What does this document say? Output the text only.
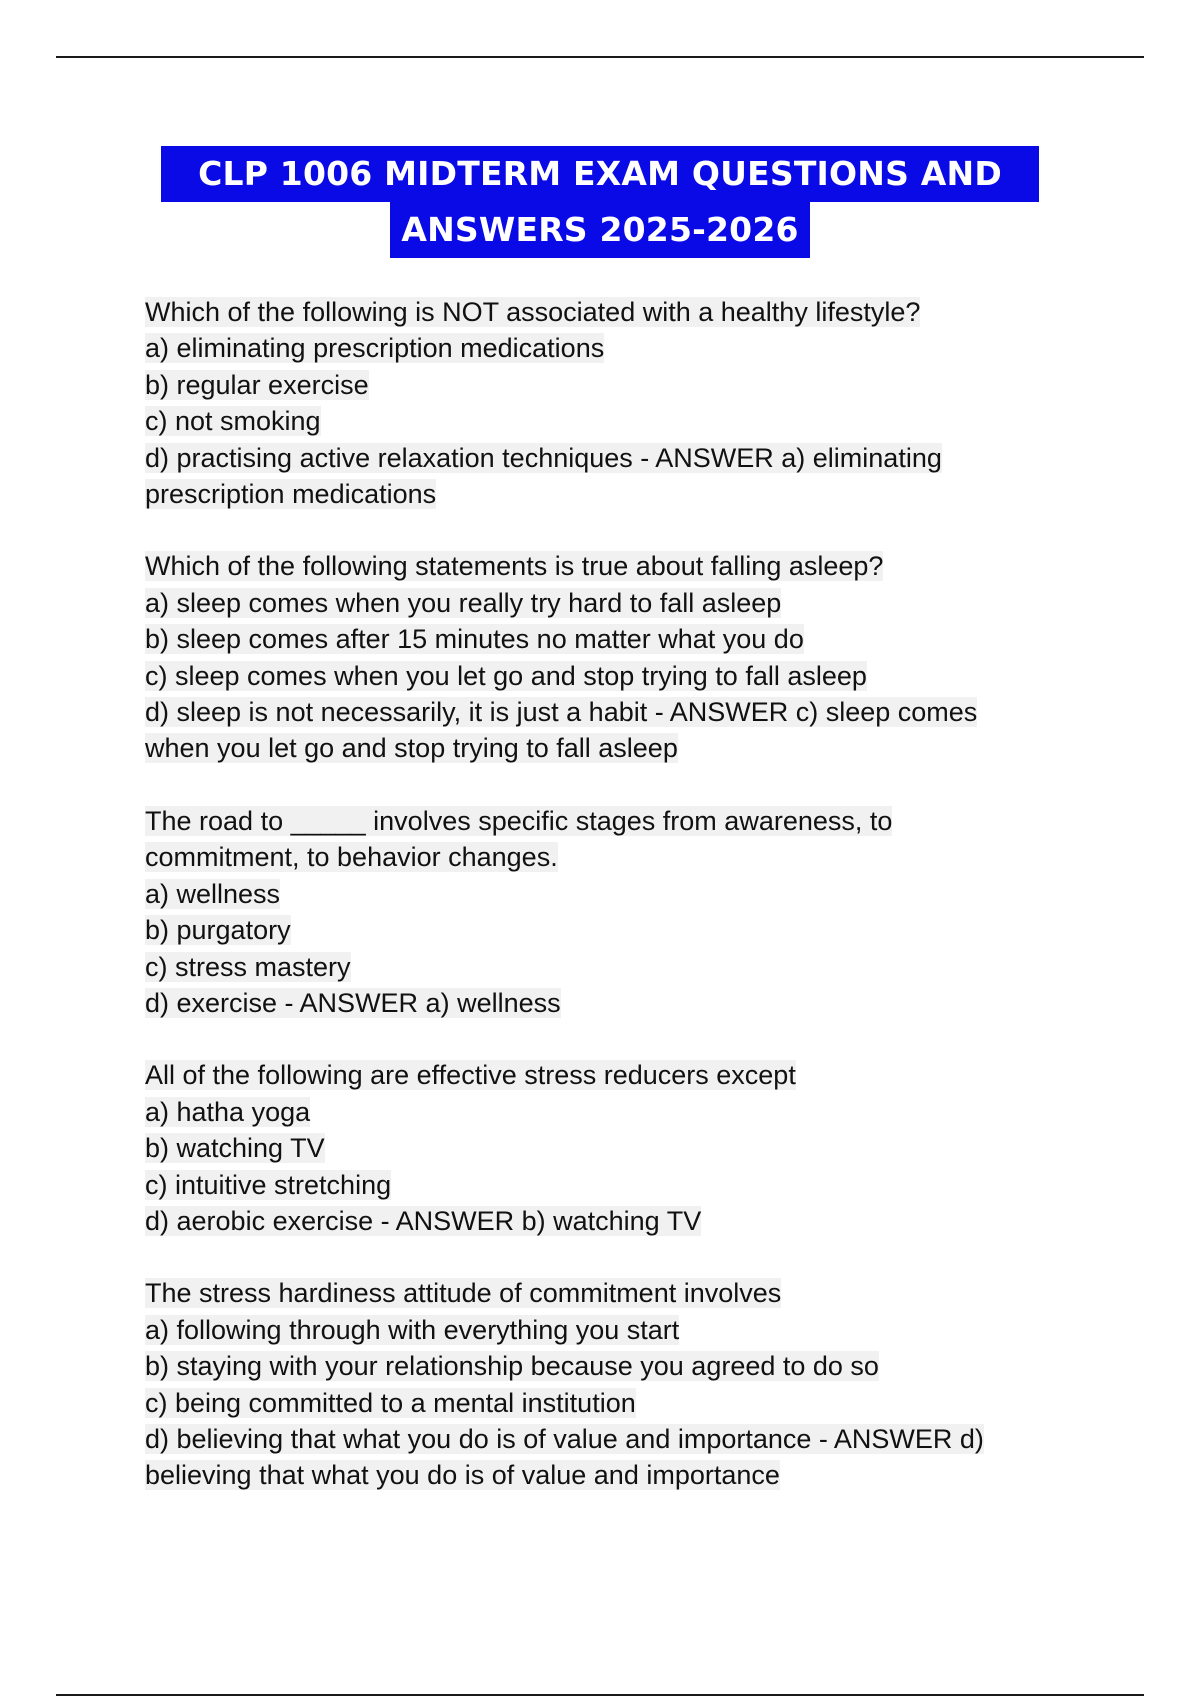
CLP 1006 MIDTERM EXAM QUESTIONS AND
ANSWERS 2025-2026
Which of the following is NOT associated with a healthy lifestyle?
a) eliminating prescription medications
b) regular exercise
c) not smoking
d) practising active relaxation techniques - ANSWER a) eliminating
prescription medications
Which of the following statements is true about falling asleep?
a) sleep comes when you really try hard to fall asleep
b) sleep comes after 15 minutes no matter what you do
c) sleep comes when you let go and stop trying to fall asleep
d) sleep is not necessarily, it is just a habit - ANSWER c) sleep comes
when you let go and stop trying to fall asleep
The road to _____ involves specific stages from awareness, to
commitment, to behavior changes.
a) wellness
b) purgatory
c) stress mastery
d) exercise - ANSWER a) wellness
All of the following are effective stress reducers except
a) hatha yoga
b) watching TV
c) intuitive stretching
d) aerobic exercise - ANSWER b) watching TV
The stress hardiness attitude of commitment involves
a) following through with everything you start
b) staying with your relationship because you agreed to do so
c) being committed to a mental institution
d) believing that what you do is of value and importance - ANSWER d)
believing that what you do is of value and importance
